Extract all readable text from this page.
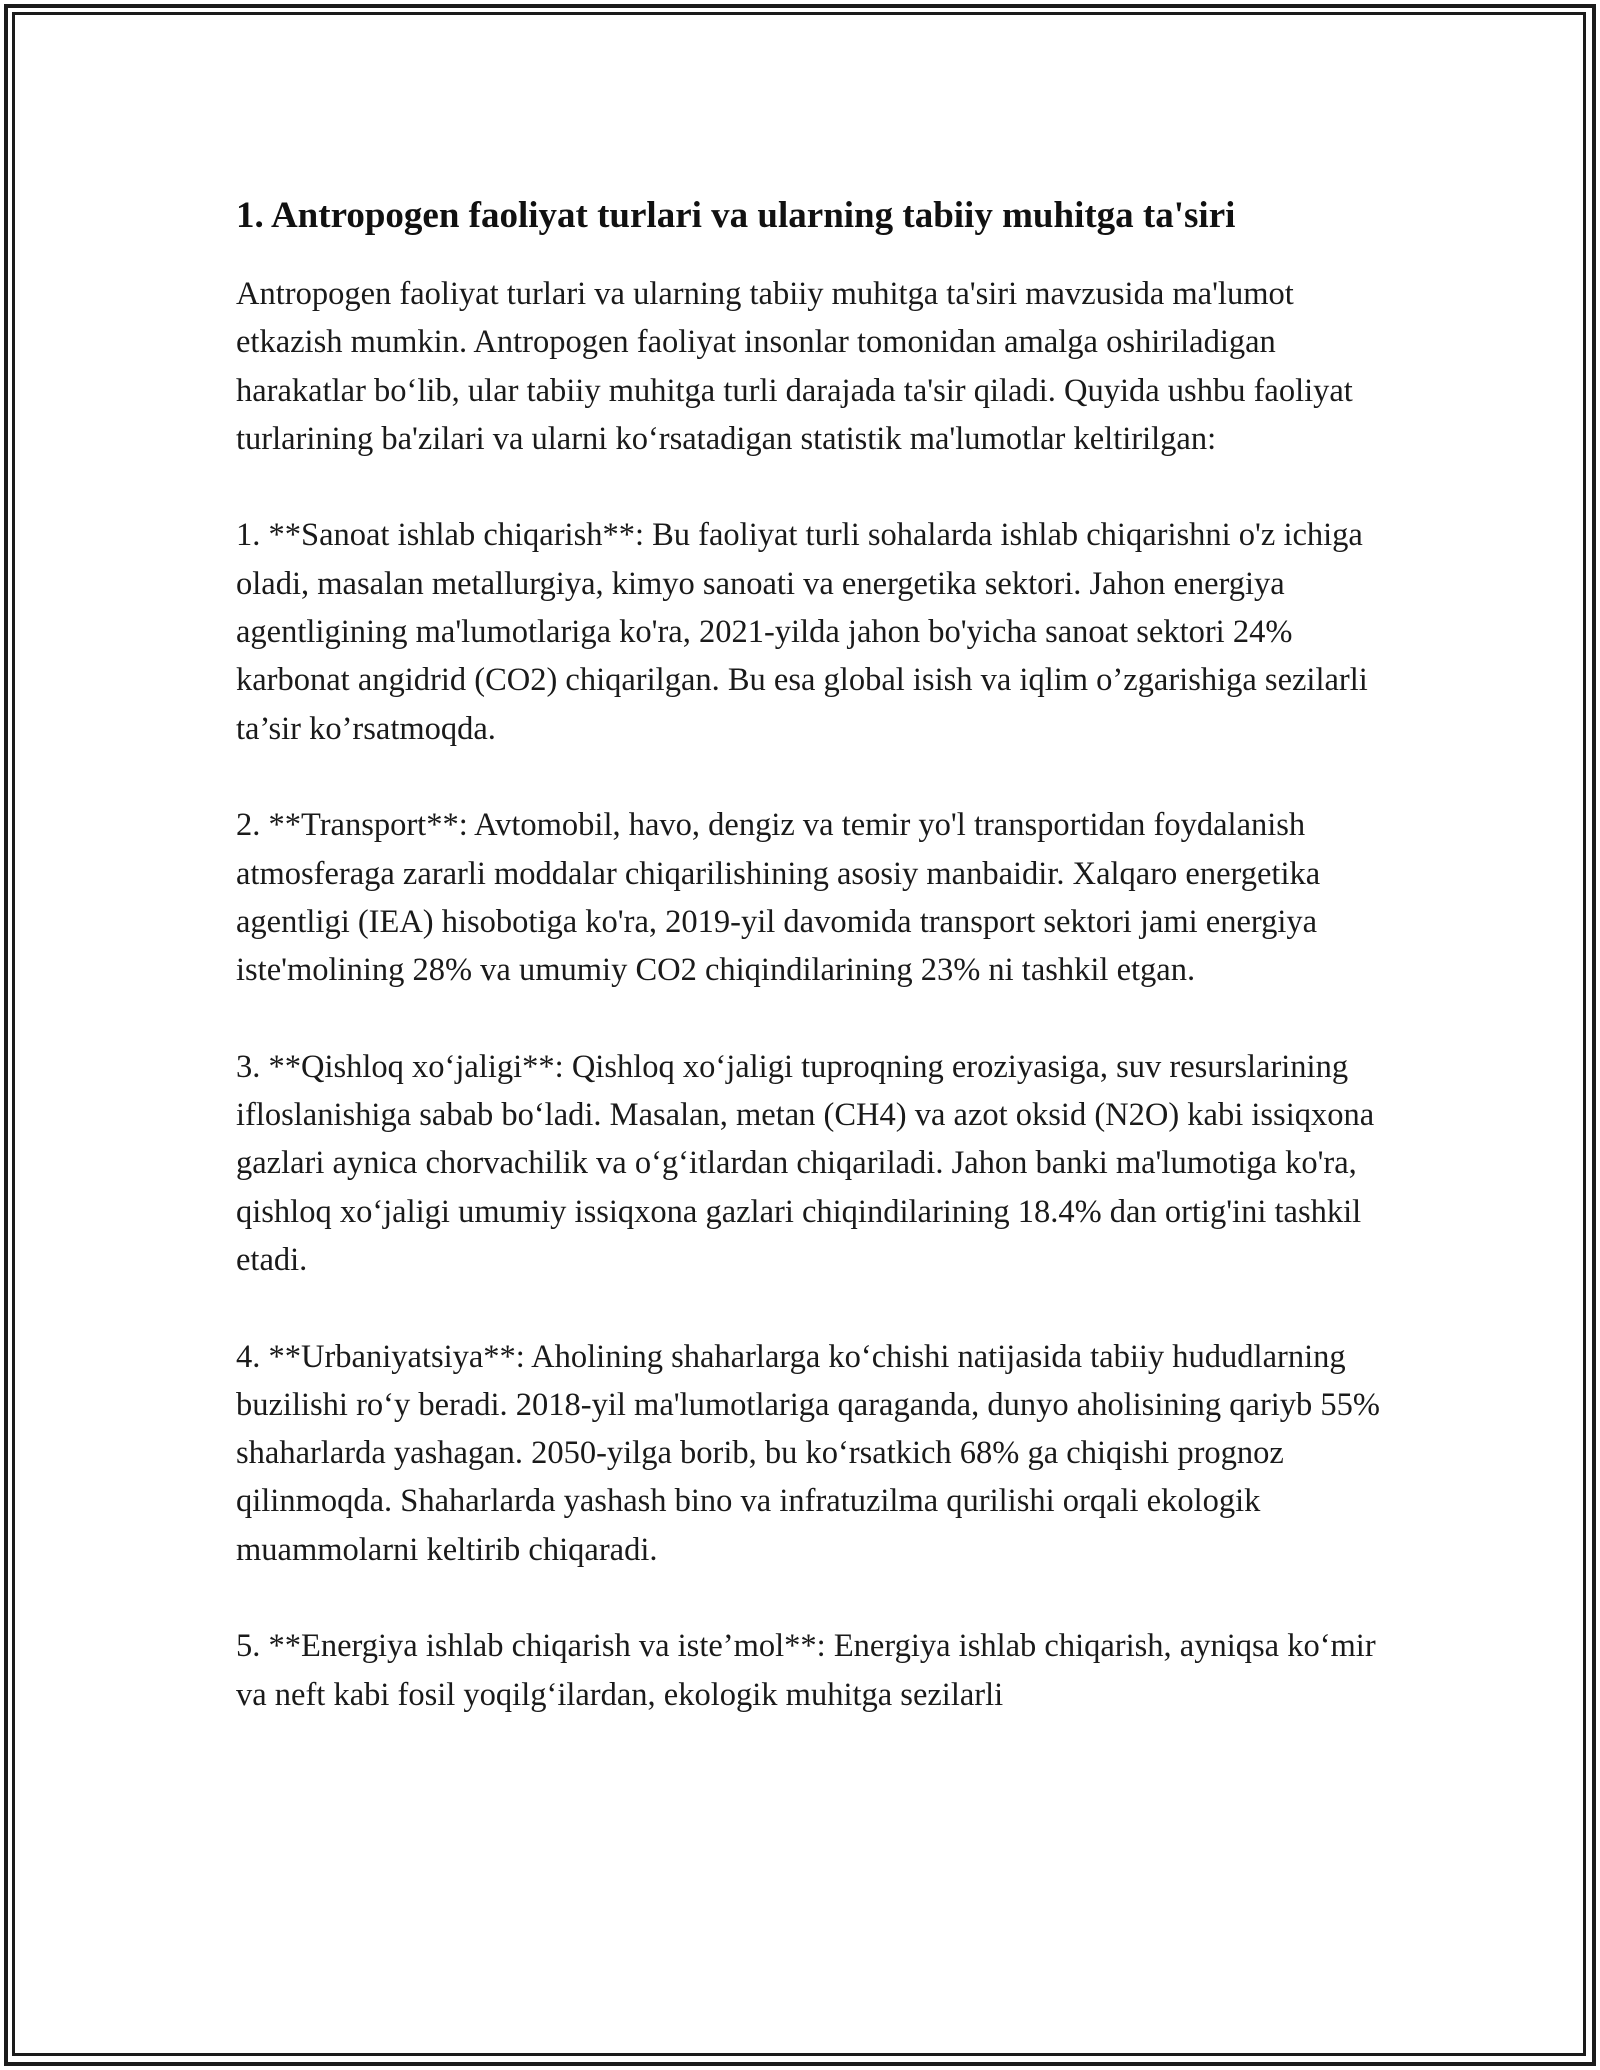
1. Antropogen faoliyat turlari va ularning tabiiy muhitga ta'siri

Antropogen faoliyat turlari va ularning tabiiy muhitga ta'siri mavzusida ma'lumot etkazish mumkin. Antropogen faoliyat insonlar tomonidan amalga oshiriladigan harakatlar bo‘lib, ular tabiiy muhitga turli darajada ta'sir qiladi. Quyida ushbu faoliyat turlarining ba'zilari va ularni ko‘rsatadigan statistik ma'lumotlar keltirilgan:

1. **Sanoat ishlab chiqarish**: Bu faoliyat turli sohalarda ishlab chiqarishni o'z ichiga oladi, masalan metallurgiya, kimyo sanoati va energetika sektori. Jahon energiya agentligining ma'lumotlariga ko'ra, 2021-yilda jahon bo'yicha sanoat sektori 24% karbonat angidrid (CO2) chiqarilgan. Bu esa global isish va iqlim o’zgarishiga sezilarli ta’sir ko’rsatmoqda.

2. **Transport**: Avtomobil, havo, dengiz va temir yo'l transportidan foydalanish atmosferaga zararli moddalar chiqarilishining asosiy manbaidir. Xalqaro energetika agentligi (IEA) hisobotiga ko'ra, 2019-yil davomida transport sektori jami energiya iste'molining 28% va umumiy CO2 chiqindilarining 23% ni tashkil etgan.

3. **Qishloq xo‘jaligi**: Qishloq xo‘jaligi tuproqning eroziyasiga, suv resurslarining ifloslanishiga sabab bo‘ladi. Masalan, metan (CH4) va azot oksid (N2O) kabi issiqxona gazlari aynica chorvachilik va o‘g‘itlardan chiqariladi. Jahon banki ma'lumotiga ko'ra, qishloq xo‘jaligi umumiy issiqxona gazlari chiqindilarining 18.4% dan ortig'ini tashkil etadi.

4. **Urbaniyatsiya**: Aholining shaharlarga ko‘chishi natijasida tabiiy hududlarning buzilishi ro‘y beradi. 2018-yil ma'lumotlariga qaraganda, dunyo aholisining qariyb 55% shaharlarda yashagan. 2050-yilga borib, bu ko‘rsatkich 68% ga chiqishi prognoz qilinmoqda. Shaharlarda yashash bino va infratuzilma qurilishi orqali ekologik muammolarni keltirib chiqaradi.

5. **Energiya ishlab chiqarish va iste’mol**: Energiya ishlab chiqarish, ayniqsa ko‘mir va neft kabi fosil yoqilg‘ilardan, ekologik muhitga sezilarli
